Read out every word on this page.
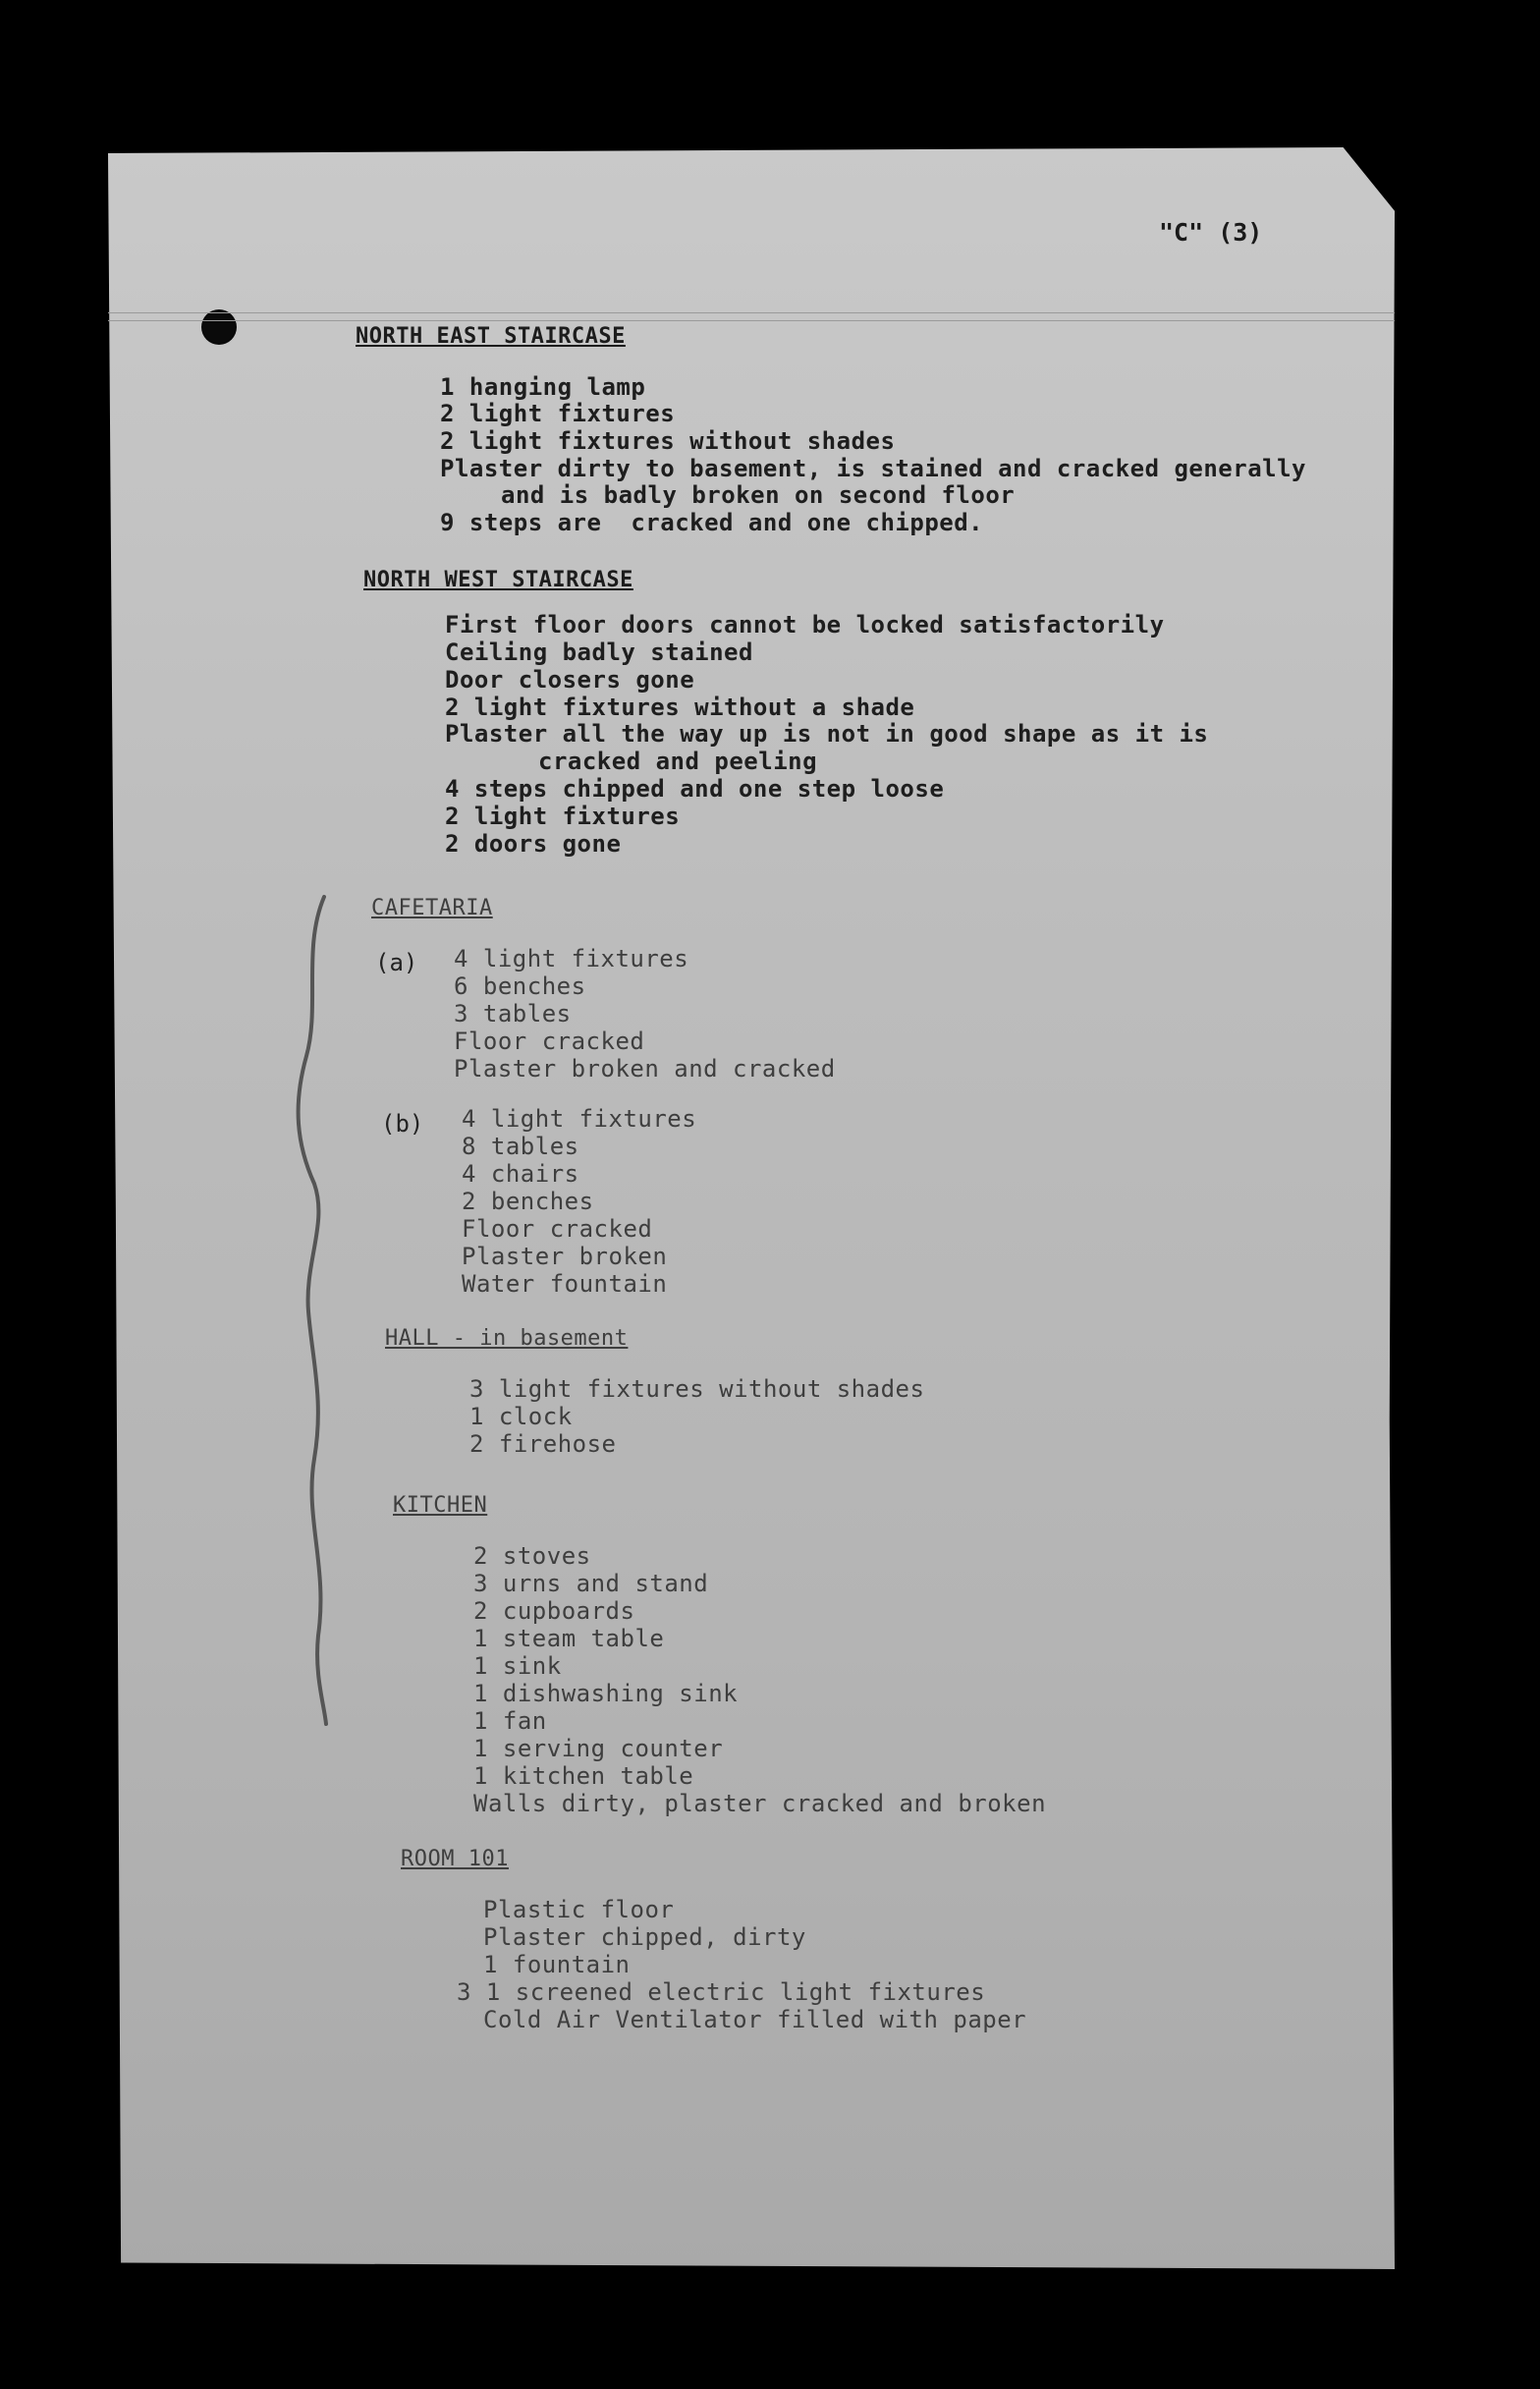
"C" (3)
NORTH EAST STAIRCASE
1 hanging lamp
2 light fixtures
2 light fixtures without shades
Plaster dirty to basement, is stained and cracked generally
and is badly broken on second floor
9 steps are  cracked and one chipped.
NORTH WEST STAIRCASE
First floor doors cannot be locked satisfactorily
Ceiling badly stained
Door closers gone
2 light fixtures without a shade
Plaster all the way up is not in good shape as it is
cracked and peeling
4 steps chipped and one step loose
2 light fixtures
2 doors gone
CAFETARIA
(a) 4 light fixtures
6 benches
3 tables
Floor cracked
Plaster broken and cracked
(b) 4 light fixtures
8 tables
4 chairs
2 benches
Floor cracked
Plaster broken
Water fountain
HALL - in basement
3 light fixtures without shades
1 clock
2 firehose
KITCHEN
2 stoves
3 urns and stand
2 cupboards
1 steam table
1 sink
1 dishwashing sink
1 fan
1 serving counter
1 kitchen table
Walls dirty, plaster cracked and broken
ROOM 101
Plastic floor
Plaster chipped, dirty
1 fountain
3 1 screened electric light fixtures
Cold Air Ventilator filled with paper
